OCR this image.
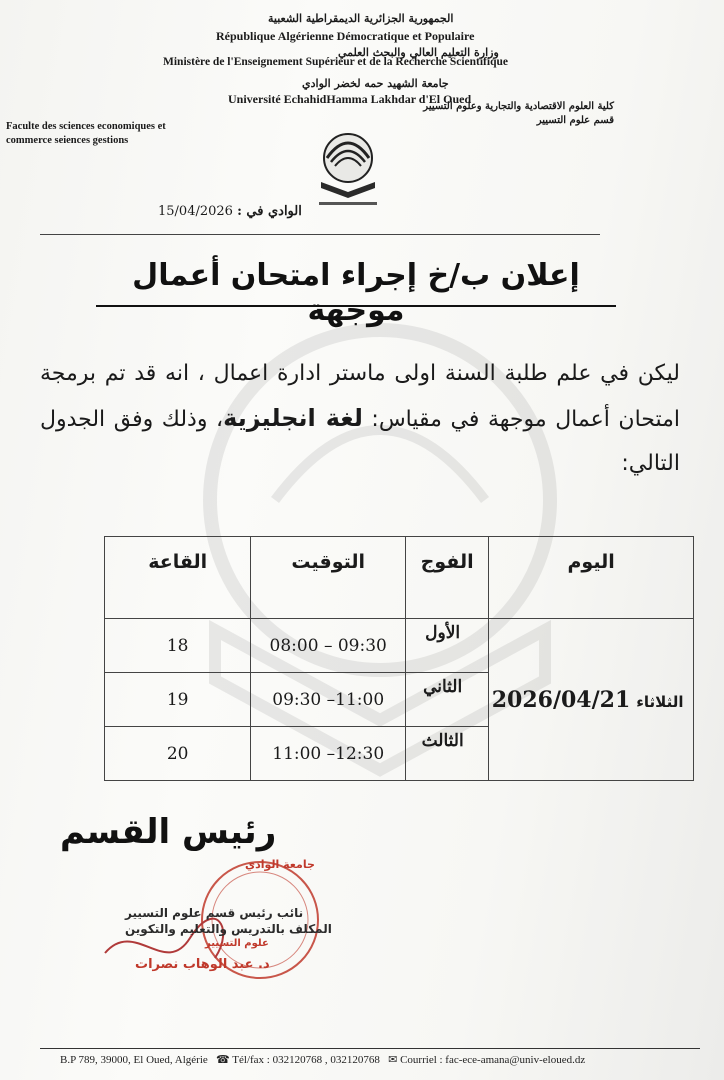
الجمهورية الجزائرية الديمقراطية الشعبية
République Algérienne Démocratique et Populaire
وزارة التعليم العالي والبحث العلمي
Ministère de l'Enseignement Supérieur et de la Recherche Scientifique
جامعة الشهيد حمه لخضر الوادي
Université EchahidHamma Lakhdar d'El Oued
كلية العلوم الاقتصادية والتجارية وعلوم التسيير
قسم علوم التسيير
Faculte des sciences economiques et commerce seiences gestions
15/04/2026 الوادي في :
إعلان ب/خ إجراء امتحان أعمال موجهة
ليكن في علم طلبة السنة اولى ماستر ادارة اعمال ، انه قد تم برمجة امتحان أعمال موجهة في مقياس: لغة انجليزية، وذلك وفق الجدول التالي:
اليوم	الفوج	التوقيت	القاعة
الثلاثاء2026/04/21	الأول	08:00 – 09:30	18
	الثاني	09:30 –11:00	19
	الثالث	11:00 –12:30	20
رئيس القسم
جامعة الوادي
نائب رئيس قسم علوم التسيير
المكلف بالتدريس والتعليم والتكوين
علوم التسيير
د. عبد الوهاب نصرات
B.P 789, 39000, El Oued, Algérie ☎ Tél/fax : 032120768 , 032120768 ✉ Courriel : fac-ece-amana@univ-eloued.dz
